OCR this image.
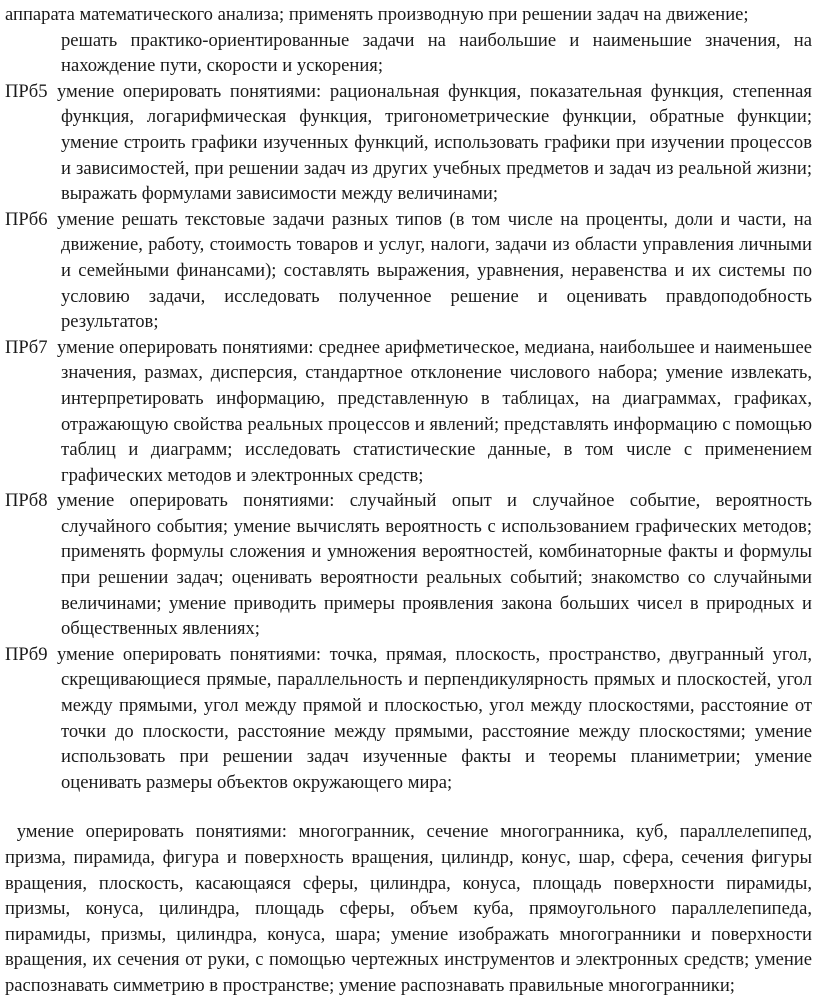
аппарата математического анализа; применять производную при решении задач на движение;

решать практико-ориентированные задачи на наибольшие и наименьшие значения, на нахождение пути, скорости и ускорения;

ПРб5 умение оперировать понятиями: рациональная функция, показательная функция, степенная функция, логарифмическая функция, тригонометрические функции, обратные функции; умение строить графики изученных функций, использовать графики при изучении процессов и зависимостей, при решении задач из других учебных предметов и задач из реальной жизни; выражать формулами зависимости между величинами;

ПРб6 умение решать текстовые задачи разных типов (в том числе на проценты, доли и части, на движение, работу, стоимость товаров и услуг, налоги, задачи из области управления личными и семейными финансами); составлять выражения, уравнения, неравенства и их системы по условию задачи, исследовать полученное решение и оценивать правдоподобность результатов;

ПРб7 умение оперировать понятиями: среднее арифметическое, медиана, наибольшее и наименьшее значения, размах, дисперсия, стандартное отклонение числового набора; умение извлекать, интерпретировать информацию, представленную в таблицах, на диаграммах, графиках, отражающую свойства реальных процессов и явлений; представлять информацию с помощью таблиц и диаграмм; исследовать статистические данные, в том числе с применением графических методов и электронных средств;

ПРб8 умение оперировать понятиями: случайный опыт и случайное событие, вероятность случайного события; умение вычислять вероятность с использованием графических методов; применять формулы сложения и умножения вероятностей, комбинаторные факты и формулы при решении задач; оценивать вероятности реальных событий; знакомство со случайными величинами; умение приводить примеры проявления закона больших чисел в природных и общественных явлениях;

ПРб9 умение оперировать понятиями: точка, прямая, плоскость, пространство, двугранный угол, скрещивающиеся прямые, параллельность и перпендикулярность прямых и плоскостей, угол между прямыми, угол между прямой и плоскостью, угол между плоскостями, расстояние от точки до плоскости, расстояние между прямыми, расстояние между плоскостями; умение использовать при решении задач изученные факты и теоремы планиметрии; умение оценивать размеры объектов окружающего мира;

умение оперировать понятиями: многогранник, сечение многогранника, куб, параллелепипед, призма, пирамида, фигура и поверхность вращения, цилиндр, конус, шар, сфера, сечения фигуры вращения, плоскость, касающаяся сферы, цилиндра, конуса, площадь поверхности пирамиды, призмы, конуса, цилиндра, площадь сферы, объем куба, прямоугольного параллелепипеда, пирамиды, призмы, цилиндра, конуса, шара; умение изображать многогранники и поверхности вращения, их сечения от руки, с помощью чертежных инструментов и электронных средств; умение распознавать симметрию в пространстве; умение распознавать правильные многогранники;
